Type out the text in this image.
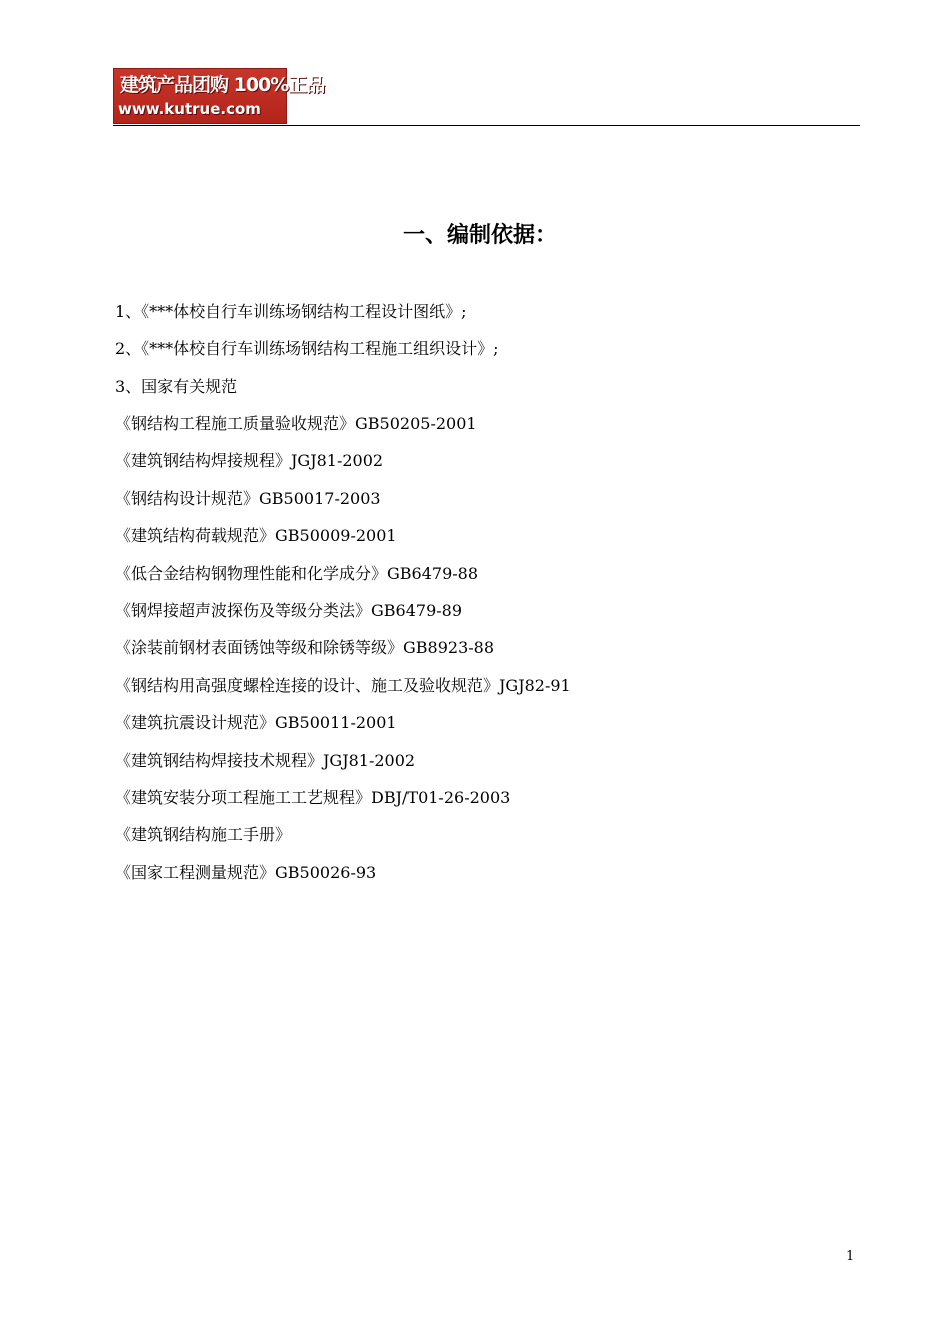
建筑产品团购 100%正品
www.kutrue.com
一、编制依据：
1、《***体校自行车训练场钢结构工程设计图纸》;
2、《***体校自行车训练场钢结构工程施工组织设计》;
3、国家有关规范
《钢结构工程施工质量验收规范》GB50205-2001
《建筑钢结构焊接规程》JGJ81-2002
《钢结构设计规范》GB50017-2003
《建筑结构荷载规范》GB50009-2001
《低合金结构钢物理性能和化学成分》GB6479-88
《钢焊接超声波探伤及等级分类法》GB6479-89
《涂装前钢材表面锈蚀等级和除锈等级》GB8923-88
《钢结构用高强度螺栓连接的设计、施工及验收规范》JGJ82-91
《建筑抗震设计规范》GB50011-2001
《建筑钢结构焊接技术规程》JGJ81-2002
《建筑安装分项工程施工工艺规程》DBJ/T01-26-2003
《建筑钢结构施工手册》
《国家工程测量规范》GB50026-93
1
